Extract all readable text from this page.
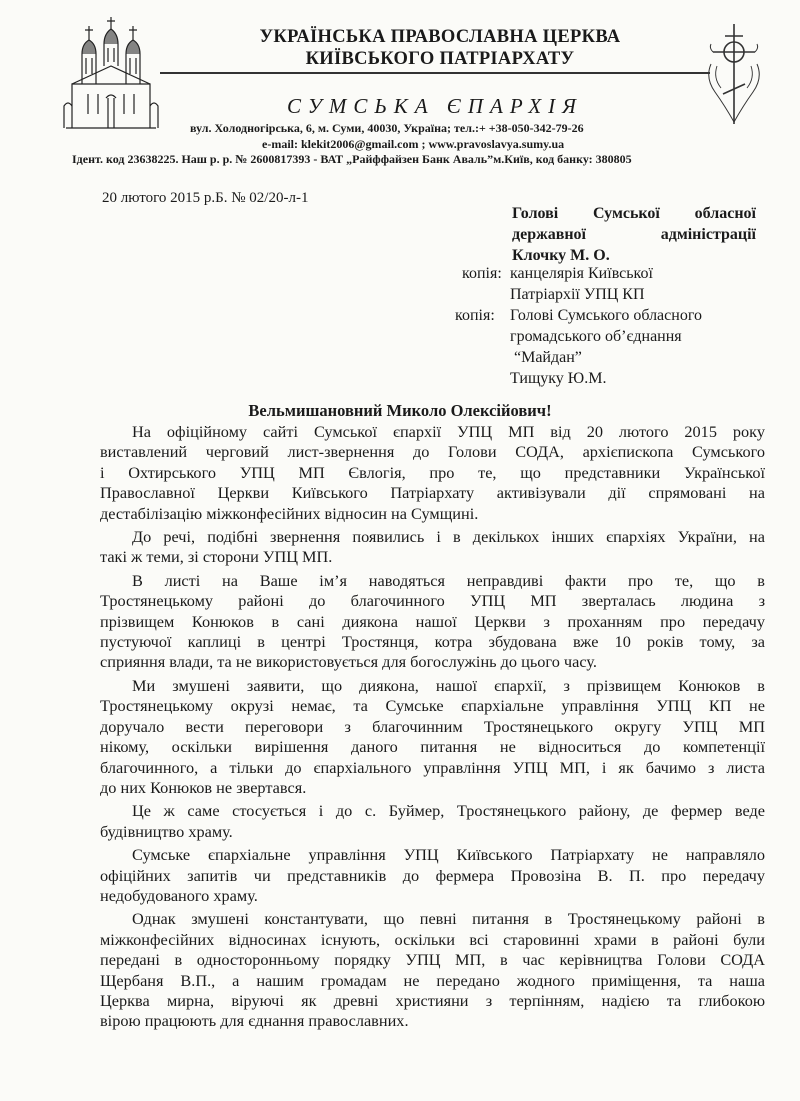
УКРАЇНСЬКА ПРАВОСЛАВНА ЦЕРКВА
КИЇВСЬКОГО ПАТРІАРХАТУ
СУМСЬКА ЄПАРХІЯ
вул. Холодногірська, 6, м. Суми, 40030, Україна; тел.:+ +38-050-342-79-26
e-mail: klekit2006@gmail.com ; www.pravoslavya.sumy.ua
Ідент. код 23638225. Наш р. р. № 2600817393 - ВАТ „Райффайзен Банк Аваль”м.Київ, код банку: 380805
20 лютого 2015 р.Б. № 02/20-л-1
Голові Сумської обласної
державної адміністрації
Клочку М. О.
копія: канцелярія Київської
Патріархії УПЦ КП
копія: Голові Сумського обласного
громадського об’єднання
“Майдан”
Тищуку Ю.М.
Вельмишановний Миколо Олексійович!
На офіційному сайті Сумської єпархії УПЦ МП від 20 лютого 2015 року
виставлений черговий лист-звернення до Голови СОДА, архієпископа Сумського
і Охтирського УПЦ МП Євлогія, про те, що представники Української
Православної Церкви Київського Патріархату активізували дії спрямовані на
дестабілізацію міжконфесійних відносин на Сумщині.
До речі, подібні звернення появились і в декількох інших єпархіях України, на
такі ж теми, зі сторони УПЦ МП.
В листі на Ваше ім’я наводяться неправдиві факти про те, що в
Тростянецькому районі до благочинного УПЦ МП зверталась людина з
прізвищем Конюков в сані диякона нашої Церкви з проханням про передачу
пустуючої каплиці в центрі Тростянця, котра збудована вже 10 років тому, за
сприяння влади, та не використовується для богослужінь до цього часу.
Ми змушені заявити, що диякона, нашої єпархії, з прізвищем Конюков в
Тростянецькому окрузі немає, та Сумське єпархіальне управління УПЦ КП не
доручало вести переговори з благочинним Тростянецького округу УПЦ МП
нікому, оскільки вирішення даного питання не відноситься до компетенції
благочинного, а тільки до єпархіального управління УПЦ МП, і як бачимо з листа
до них Конюков не звертався.
Це ж саме стосується і до с. Буймер, Тростянецького району, де фермер веде
будівництво храму.
Сумське єпархіальне управління УПЦ Київського Патріархату не направляло
офіційних запитів чи представників до фермера Провозіна В. П. про передачу
недобудованого храму.
Однак змушені константувати, що певні питання в Тростянецькому районі в
міжконфесійних відносинах існують, оскільки всі старовинні храми в районі були
передані в односторонньому порядку УПЦ МП, в час керівництва Голови СОДА
Щербаня В.П., а нашим громадам не передано жодного приміщення, та наша
Церква мирна, віруючі як древні християни з терпінням, надією та глибокою
вірою працюють для єднання православних.
